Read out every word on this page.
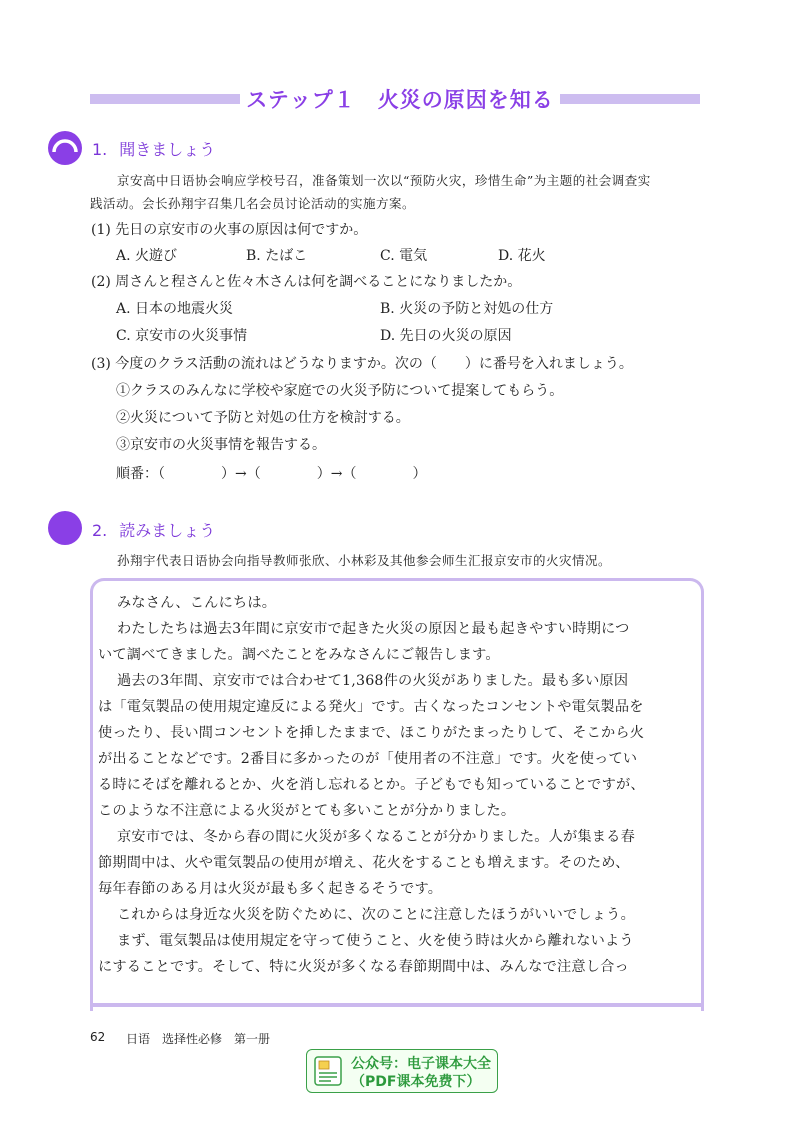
ステップ１　火災の原因を知る
1. 聞きましょう
京安高中日语协会响应学校号召，准备策划一次以“预防火灾，珍惜生命”为主题的社会调查实
践活动。会长孙翔宇召集几名会员讨论活动的实施方案。
(1) 先日の京安市の火事の原因は何ですか。
A. 火遊び	B. たばこ	C. 電気	D. 花火
(2) 周さんと程さんと佐々木さんは何を調べることになりましたか。
A. 日本の地震火災	B. 火災の予防と対処の仕方
C. 京安市の火災事情	D. 先日の火災の原因
(3) 今度のクラス活動の流れはどうなりますか。次の（　　）に番号を入れましょう。
①クラスのみんなに学校や家庭での火災予防について提案してもらう。
②火災について予防と対処の仕方を検討する。
③京安市の火災事情を報告する。
順番：（　　　　）→（　　　　）→（　　　　）
2. 読みましょう
孙翔宇代表日语协会向指导教师张欣、小林彩及其他参会师生汇报京安市的火灾情况。
みなさん、こんにちは。
わたしたちは過去3年間に京安市で起きた火災の原因と最も起きやすい時期につ
いて調べてきました。調べたことをみなさんにご報告します。
過去の3年間、京安市では合わせて1,368件の火災がありました。最も多い原因
は「電気製品の使用規定違反による発火」です。古くなったコンセントや電気製品を
使ったり、長い間コンセントを挿したままで、ほこりがたまったりして、そこから火
が出ることなどです。2番目に多かったのが「使用者の不注意」です。火を使ってい
る時にそばを離れるとか、火を消し忘れるとか。子どもでも知っていることですが、
このような不注意による火災がとても多いことが分かりました。
京安市では、冬から春の間に火災が多くなることが分かりました。人が集まる春
節期間中は、火や電気製品の使用が増え、花火をすることも増えます。そのため、
毎年春節のある月は火災が最も多く起きるそうです。
これからは身近な火災を防ぐために、次のことに注意したほうがいいでしょう。
まず、電気製品は使用規定を守って使うこと、火を使う時は火から離れないよう
にすることです。そして、特に火災が多くなる春節期間中は、みんなで注意し合っ
62 日语　选择性必修　第一册
公众号：电子课本大全
（PDF课本免费下）
